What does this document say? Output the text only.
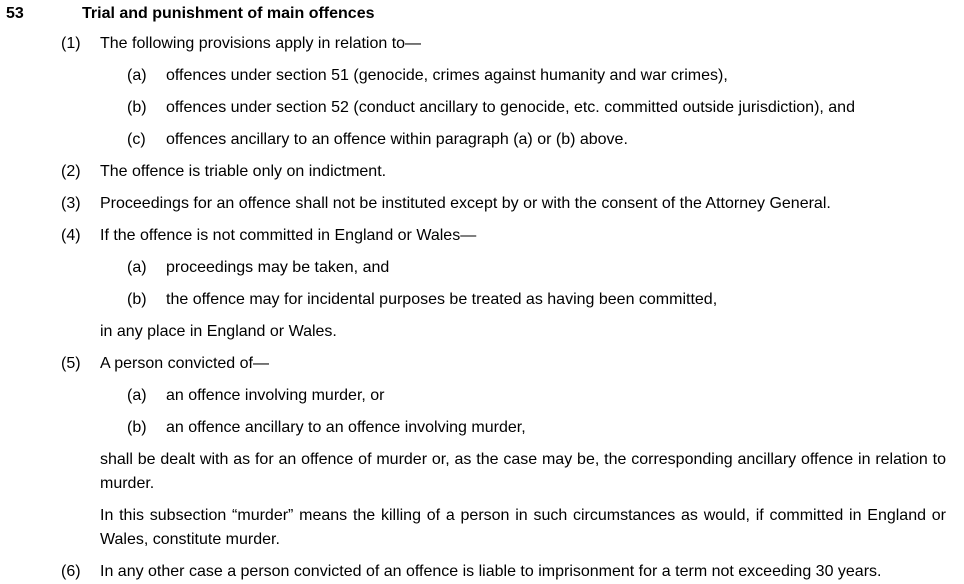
53	Trial and punishment of main offences
(1) The following provisions apply in relation to—
(a) offences under section 51 (genocide, crimes against humanity and war crimes),
(b) offences under section 52 (conduct ancillary to genocide, etc. committed outside jurisdiction), and
(c) offences ancillary to an offence within paragraph (a) or (b) above.
(2) The offence is triable only on indictment.
(3) Proceedings for an offence shall not be instituted except by or with the consent of the Attorney General.
(4) If the offence is not committed in England or Wales—
(a) proceedings may be taken, and
(b) the offence may for incidental purposes be treated as having been committed,
in any place in England or Wales.
(5) A person convicted of—
(a) an offence involving murder, or
(b) an offence ancillary to an offence involving murder,
shall be dealt with as for an offence of murder or, as the case may be, the corresponding ancillary offence in relation to murder.
In this subsection “murder” means the killing of a person in such circumstances as would, if committed in England or Wales, constitute murder.
(6) In any other case a person convicted of an offence is liable to imprisonment for a term not exceeding 30 years.
